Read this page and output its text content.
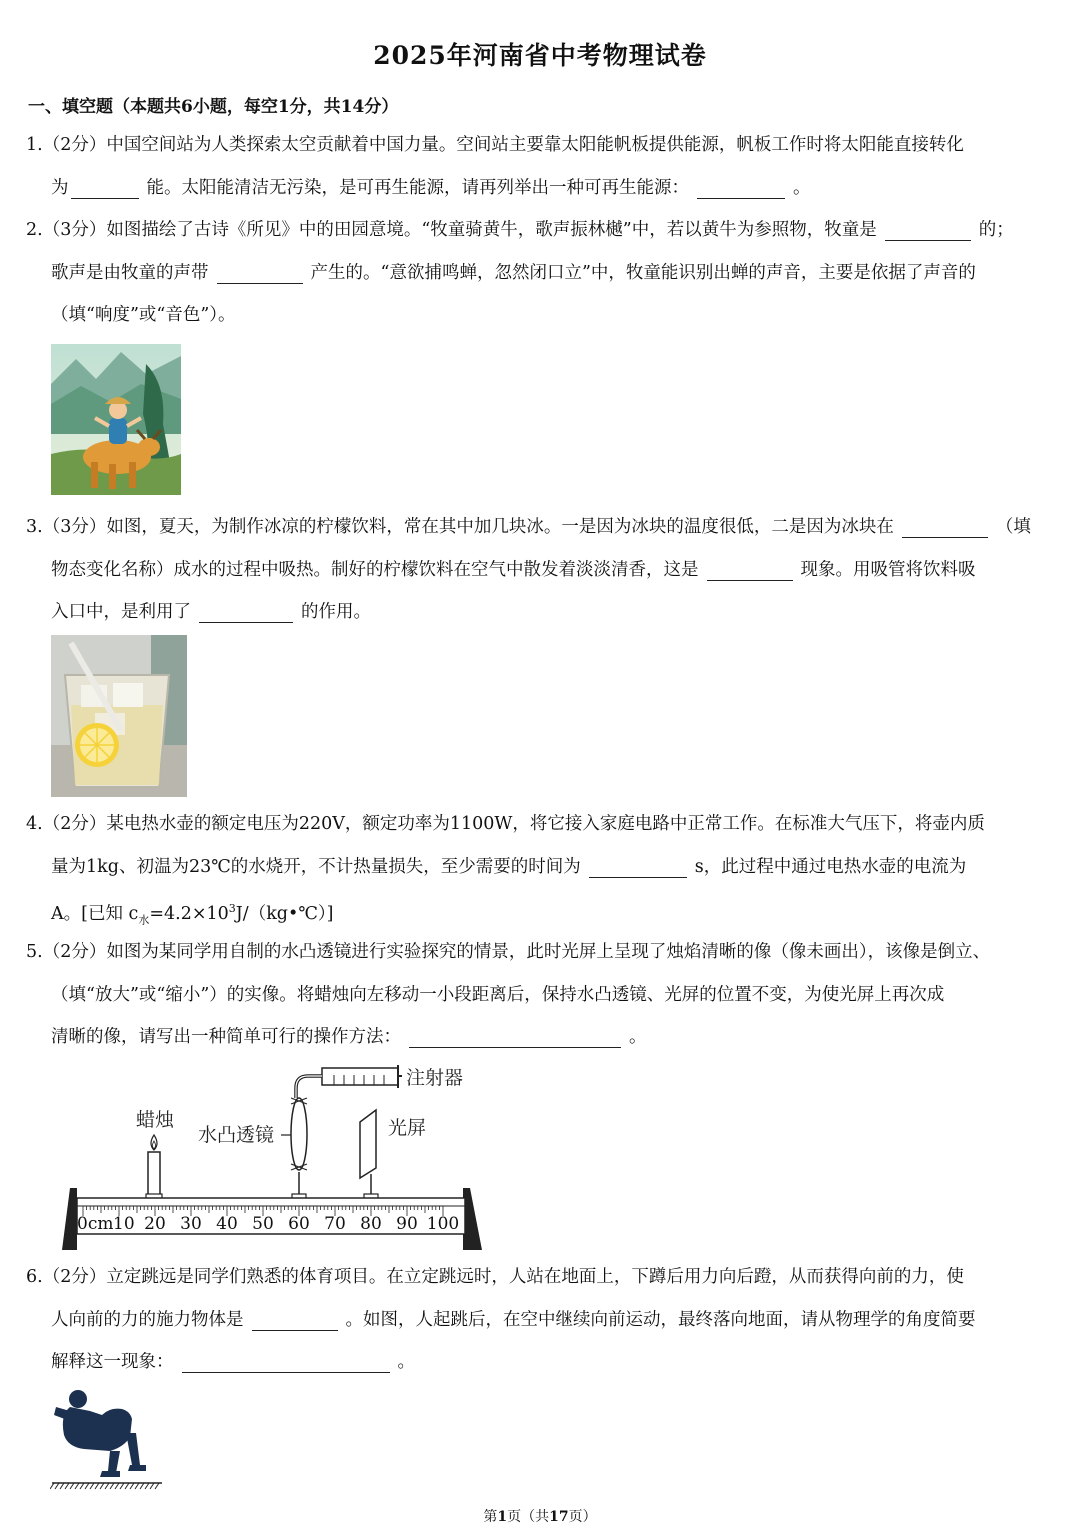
2025年河南省中考物理试卷
一、填空题（本题共6小题，每空1分，共14分）
1.（2分）中国空间站为人类探索太空贡献着中国力量。空间站主要靠太阳能帆板提供能源，帆板工作时将太阳能直接转化
为	能。太阳能清洁无污染，是可再生能源，请再列举出一种可再生能源：	。
2.（3分）如图描绘了古诗《所见》中的田园意境。“牧童骑黄牛，歌声振林樾”中，若以黄牛为参照物，牧童是	的；
歌声是由牧童的声带	产生的。“意欲捕鸣蝉，忽然闭口立”中，牧童能识别出蝉的声音，主要是依据了声音的
（填“响度”或“音色”）。
3.（3分）如图，夏天，为制作冰凉的柠檬饮料，常在其中加几块冰。一是因为冰块的温度很低，二是因为冰块在	（填
物态变化名称）成水的过程中吸热。制好的柠檬饮料在空气中散发着淡淡清香，这是	现象。用吸管将饮料吸
入口中，是利用了	的作用。
4.（2分）某电热水壶的额定电压为220V，额定功率为1100W，将它接入家庭电路中正常工作。在标准大气压下，将壶内质
量为1kg、初温为23℃的水烧开，不计热量损失，至少需要的时间为	s，此过程中通过电热水壶的电流为
A。[已知 $c_水=4.2\times 10^3J/(kg•℃)$]
5.（2分）如图为某同学用自制的水凸透镜进行实验探究的情景，此时光屏上呈现了烛焰清晰的像（像未画出），该像是倒立、
（填“放大”或“缩小”）的实像。将蜡烛向左移动一小段距离后，保持水凸透镜、光屏的位置不变，为使光屏上再次成
清晰的像，请写出一种简单可行的操作方法：	。
注射器
水凸透镜
蜡烛	光屏
10 20 30 40 50 60 70 80 90 100
0cm
6.（2分）立定跳远是同学们熟悉的体育项目。在立定跳远时，人站在地面上，下蹲后用力向后蹬，从而获得向前的力，使
人向前的力的施力物体是	。如图，人起跳后，在空中继续向前运动，最终落向地面，请从物理学的角度简要
解释这一现象：	。
第1页（共17页）
